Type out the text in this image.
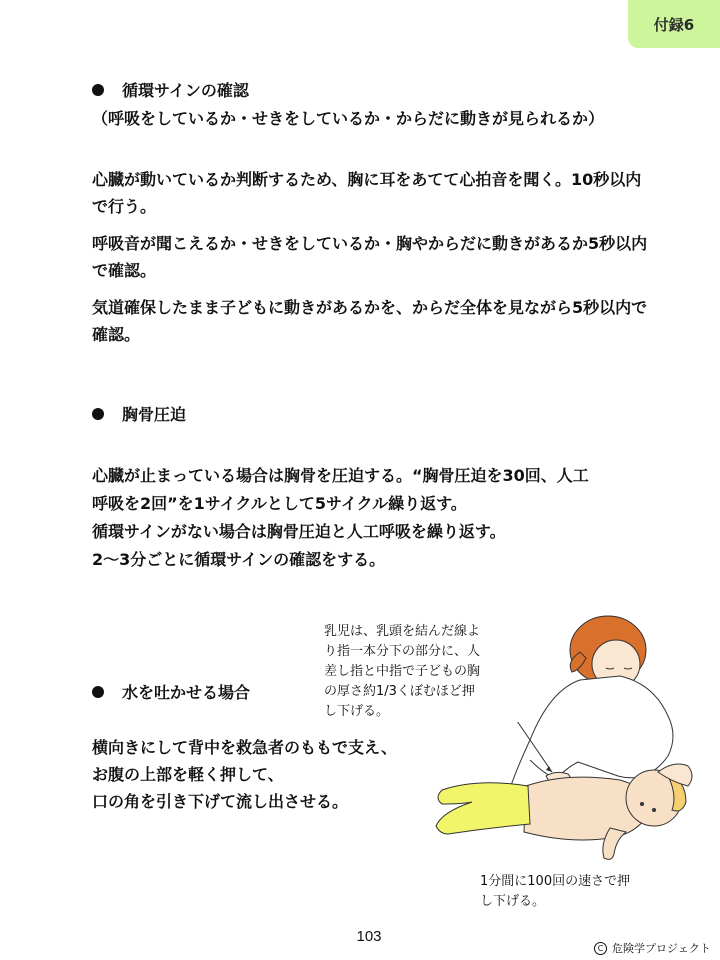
付録6
循環サインの確認
（呼吸をしているか・せきをしているか・からだに動きが見られるか）

心臓が動いているか判断するため、胸に耳をあてて心拍音を聞く。10秒以内で行う。

呼吸音が聞こえるか・せきをしているか・胸やからだに動きがあるか5秒以内で確認。

気道確保したまま子どもに動きがあるかを、からだ全体を見ながら5秒以内で確認。

胸骨圧迫

心臓が止まっている場合は胸骨を圧迫する。“胸骨圧迫を30回、人工

呼吸を2回”を1サイクルとして5サイクル繰り返す。

循環サインがない場合は胸骨圧迫と人工呼吸を繰り返す。

2～3分ごとに循環サインの確認をする。

水を吐かせる場合

横向きにして背中を救急者のももで支え、

お腹の上部を軽く押して、

口の角を引き下げて流し出させる。

乳児は、乳頭を結んだ線よ
り指一本分下の部分に、人
差し指と中指で子どもの胸
の厚さ約1/3くぼむほど押
し下げる。
1分間に100回の速さで押
し下げる。
103
C 危険学プロジェクト
